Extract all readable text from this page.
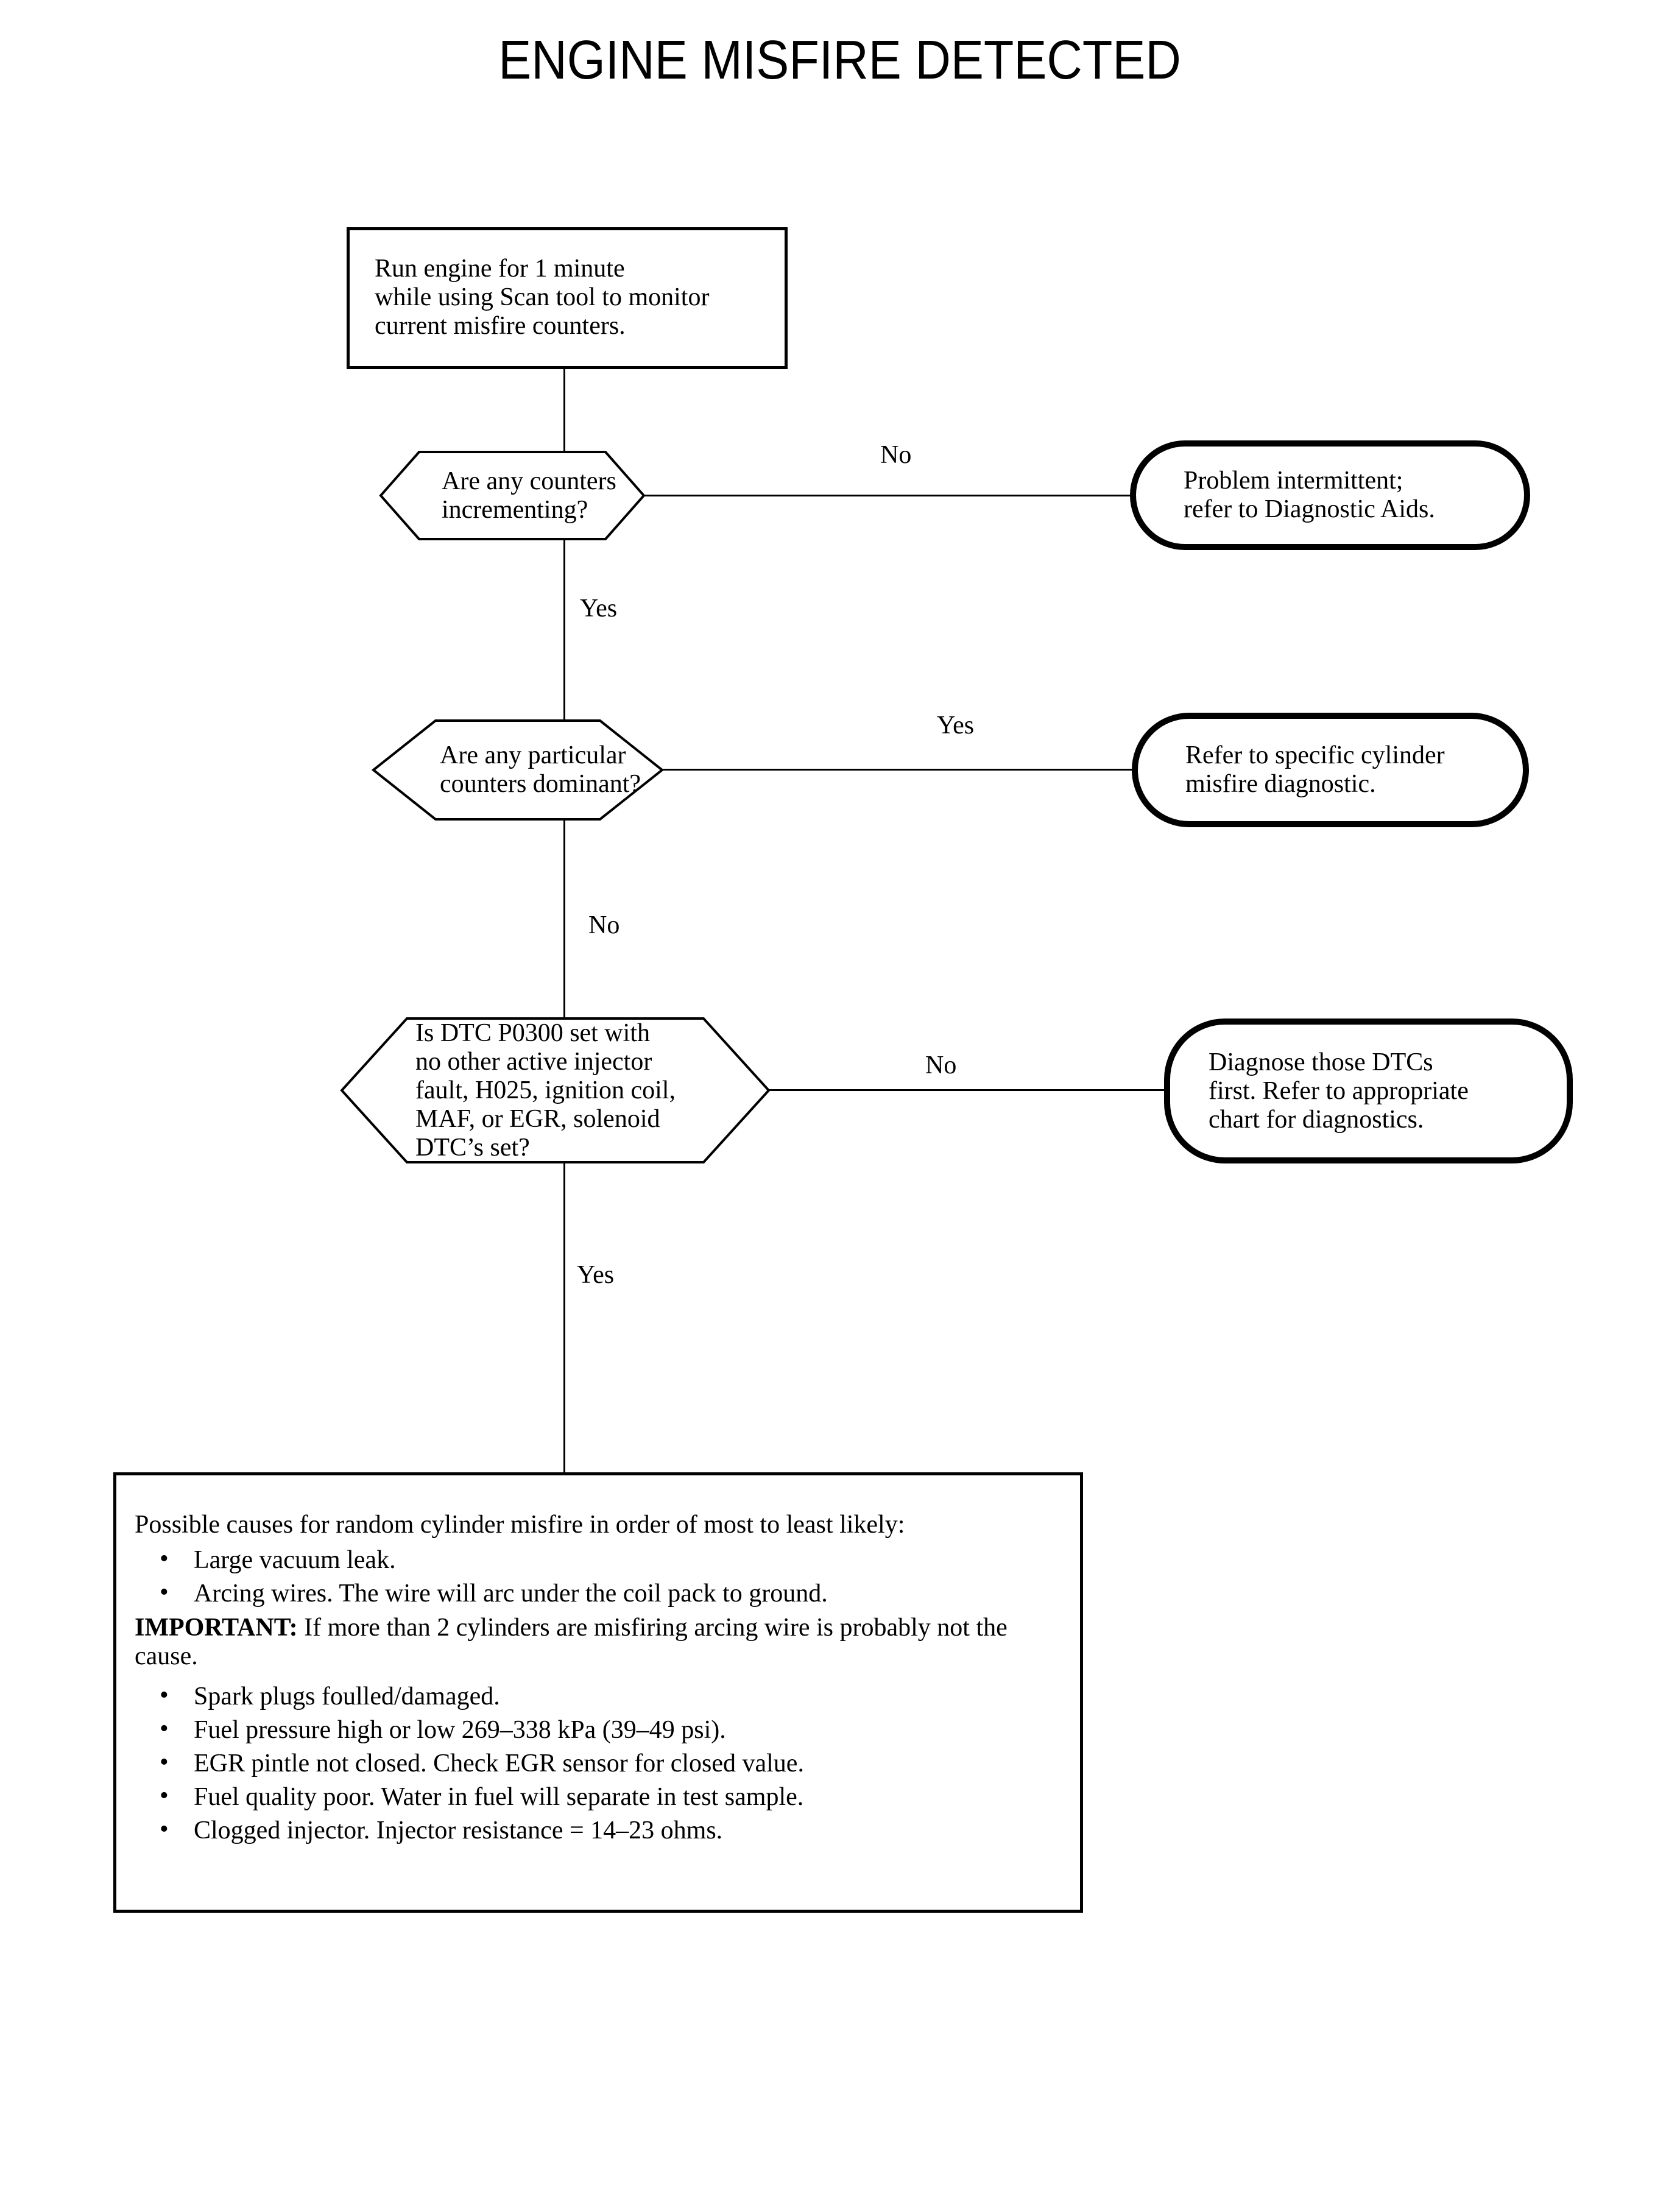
ENGINE MISFIRE DETECTED
Run engine for 1 minute
while using Scan tool to monitor
current misfire counters.
Are any counters
incrementing?
Problem intermittent;
refer to Diagnostic Aids.
Are any particular
counters dominant?
Refer to specific cylinder
misfire diagnostic.
Is DTC P0300 set with
no other active injector
fault, H025, ignition coil,
MAF, or EGR, solenoid
DTC’s set?
Diagnose those DTCs
first. Refer to appropriate
chart for diagnostics.
No
Yes
Yes
No
No
Yes

Possible causes for random cylinder misfire in order of most to least likely:

• Large vacuum leak.
• Arcing wires. The wire will arc under the coil pack to ground.

IMPORTANT: If more than 2 cylinders are misfiring arcing wire is probably not the cause.

• Spark plugs foulled/damaged.
• Fuel pressure high or low 269–338 kPa (39–49 psi).
• EGR pintle not closed. Check EGR sensor for closed value.
• Fuel quality poor. Water in fuel will separate in test sample.
• Clogged injector. Injector resistance = 14–23 ohms.
